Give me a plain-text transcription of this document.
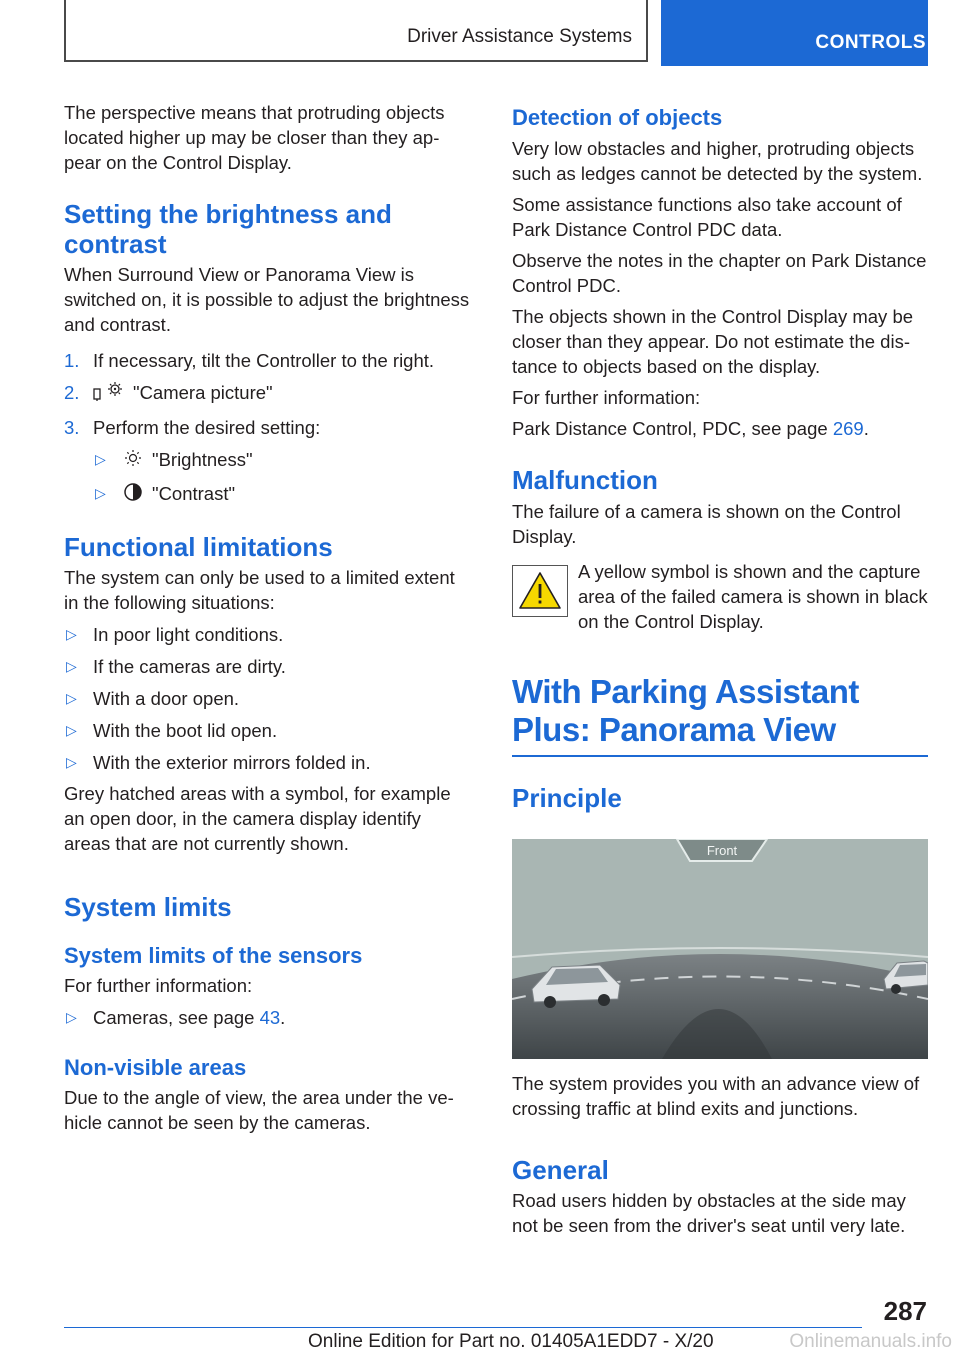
Driver Assistance Systems	CONTROLS

The perspective means that protruding objects located higher up may be closer than they appear on the Control Display.

Setting the brightness and contrast

When Surround View or Panorama View is switched on, it is possible to adjust the brightness and contrast.

1. If necessary, tilt the Controller to the right.
2.	"Camera picture"
3. Perform the desired setting:
▷ "Brightness"
▷ "Contrast"
Functional limitations

The system can only be used to a limited extent in the following situations:

▷ In poor light conditions.
▷ If the cameras are dirty.
▷ With a door open.
▷ With the boot lid open.
▷ With the exterior mirrors folded in.

Grey hatched areas with a symbol, for example an open door, in the camera display identify areas that are not currently shown.

System limits
System limits of the sensors

For further information:

▷ Cameras, see page 43.
Non-visible areas

Due to the angle of view, the area under the vehicle cannot be seen by the cameras.

Detection of objects

Very low obstacles and higher, protruding objects such as ledges cannot be detected by the system.

Some assistance functions also take account of Park Distance Control PDC data.

Observe the notes in the chapter on Park Distance Control PDC.

The objects shown in the Control Display may be closer than they appear. Do not estimate the distance to objects based on the display.

For further information:

Park Distance Control, PDC, see page 269.

Malfunction

The failure of a camera is shown on the Control Display.

A yellow symbol is shown and the capture area of the failed camera is shown in black on the Control Display.
With Parking Assistant Plus: Panorama View
Principle
Front

The system provides you with an advance view of crossing traffic at blind exits and junctions.

General

Road users hidden by obstacles at the side may not be seen from the driver's seat until very late.

287
Online Edition for Part no. 01405A1EDD7 - X/20	Onlinemanuals.info
